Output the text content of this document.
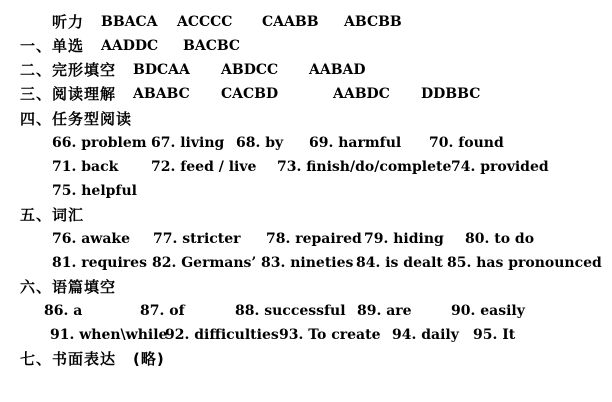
听力 BBACA ACCCC CAABB ABCBB
一、单选 AADDC BACBC
二、完形填空 BDCAA ABDCC AABAD
三、阅读理解 ABABC CACBD	AABDC DDBBC
四、任务型阅读
66. problem 67. living 68. by 69. harmful 70. found
71. back 72. feed / live 73. finish/do/complete 74. provided
75. helpful
五、词汇
76. awake 77. stricter 78. repaired 79. hiding 80. to do
81. requires 82. Germans’ 83. nineties 84. is dealt 85. has pronounced
六、语篇填空
86. a	87. of	88. successful 89. are	90. easily
91. when\while
92. difficulties 93. To create 94. daily 95. It
七、书面表达 (略)
